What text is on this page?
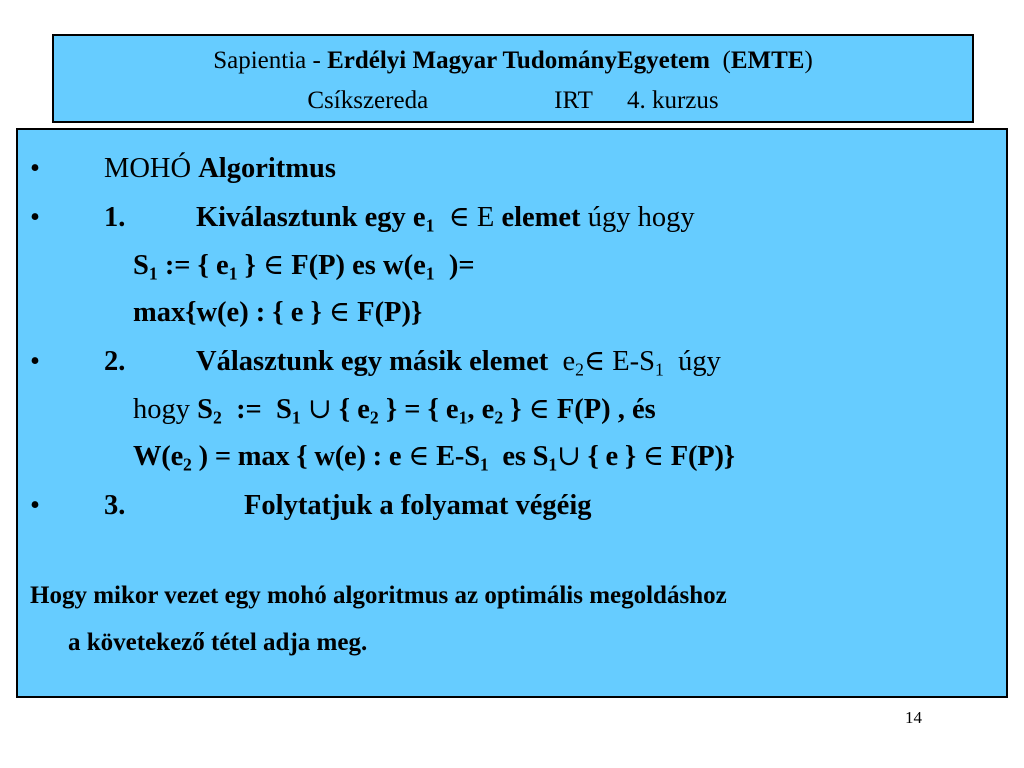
Sapientia - Erdélyi Magyar TudományEgyetem (EMTE)
Csíkszereda	IRT 4. kurzus
• MOHÓ Algoritmus
• 1. Kiválasztunk egy $e_1$ ∈ E elemet úgy hogy
$S_1$ := { $e_1$ } ∈ F(P) es $w(e_1$ )=
max{w(e) : { e } ∈ F(P)}
• 2. Választunk egy másik elemet $e_2\in$ $E-S_1$ úgy
hogy $S_2$ := $S_1$ ∪ { $e_2$ } = { $e_1$, $e_2$ } ∈ F(P) , és
$W(e_2$ ) = max { w(e) : e ∈ $E-S_1$ es $S_1\cup$ { e } ∈ F(P)}
• 3.	Folytatjuk a folyamat végéig
Hogy mikor vezet egy mohó algoritmus az optimális megoldáshoz
a követekező tétel adja meg.
14
